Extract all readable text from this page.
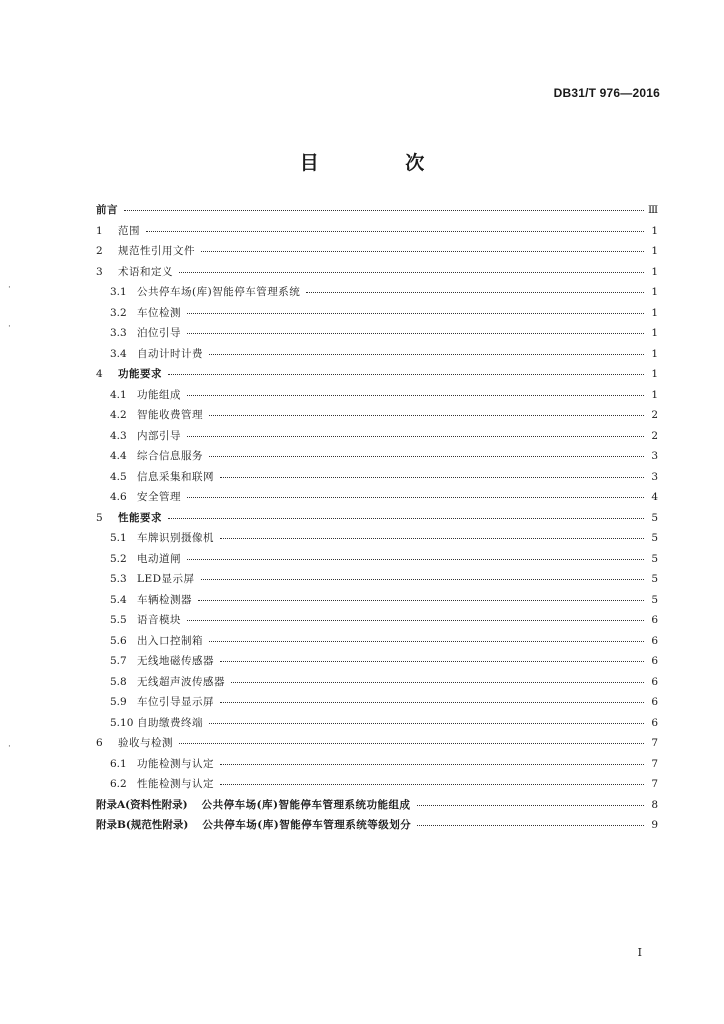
DB31/T 976—2016
目 次
前言	Ⅲ
1	范围	1
2	规范性引用文件	1
3	术语和定义	1
3.1 公共停车场(库)智能停车管理系统	1
3.2 车位检测	1
3.3 泊位引导	1
3.4 自动计时计费	1
4	功能要求	1
4.1 功能组成	1
4.2 智能收费管理	2
4.3 内部引导	2
4.4 综合信息服务	3
4.5 信息采集和联网	3
4.6 安全管理	4
5	性能要求	5
5.1 车牌识别摄像机	5
5.2 电动道闸	5
5.3 LED显示屏	5
5.4 车辆检测器	5
5.5 语音模块	6
5.6 出入口控制箱	6
5.7 无线地磁传感器	6
5.8 无线超声波传感器	6
5.9 车位引导显示屏	6
5.10 自助缴费终端	6
6	验收与检测	7
6.1 功能检测与认定	7
6.2 性能检测与认定	7
附录A(资料性附录) 公共停车场(库)智能停车管理系统功能组成	8
附录B(规范性附录) 公共停车场(库)智能停车管理系统等级划分	9
I
·
·
·
